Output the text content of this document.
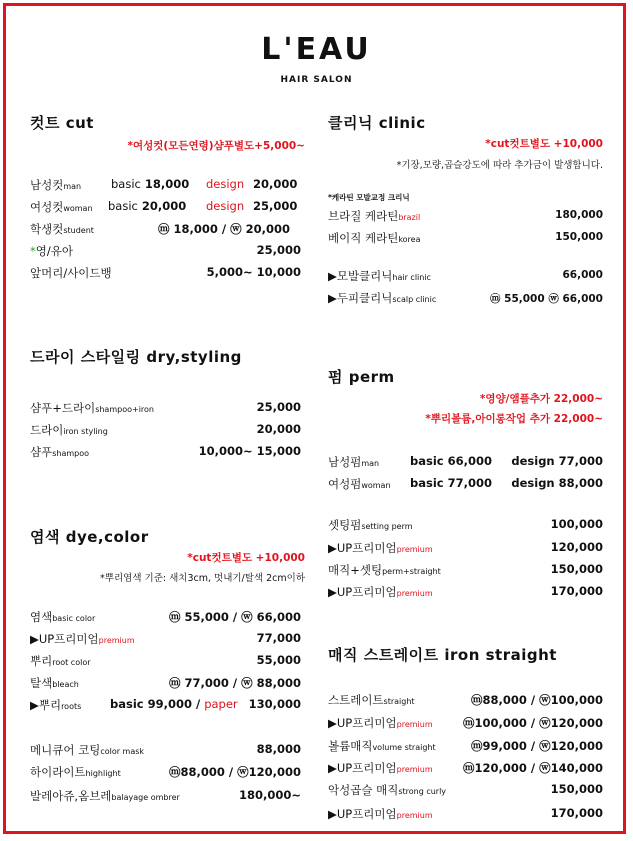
L'EAU
HAIR SALON
컷트 cut
*여성컷(모든연령)샴푸별도+5,000~
남성컷man	basic 18,000 design 20,000
여성컷woman basic 20,000 design 25,000
학생컷student	ⓜ 18,000 / ⓦ 20,000
*영/유아	25,000
앞머리/사이드뱅	5,000~ 10,000
드라이 스타일링 dry,styling
샴푸+드라이shampoo+iron	25,000
드라이iron styling	20,000
샴푸shampoo	10,000~ 15,000
염색 dye,color
*cut컷트별도 +10,000
*뿌리염색 기준: 새치3cm, 멋내기/탈색 2cm이하
염색basic color	ⓜ 55,000 / ⓦ 66,000
▶UP프리미엄premium	77,000
뿌리root color	55,000
탈색bleach	ⓜ 77,000 / ⓦ 88,000
▶뿌리roots basic 99,000 / paper 130,000
메니큐어 코팅color mask	88,000
하이라이트highlight	ⓜ88,000 / ⓦ120,000
발레아쥬,옴브레balayage ombrer	180,000~
클리닉 clinic
*cut컷트별도 +10,000
*기장,모량,곱슬강도에 따라 추가금이 발생합니다.
*케라틴 모발교정 크리닉
브라질 케라틴brazil	180,000
베이직 케라틴korea	150,000
▶모발클리닉hair clinic	66,000
▶두피클리닉scalp clinic	ⓜ 55,000 ⓦ 66,000
펌 perm
*영양/앰플추가 22,000~
*뿌리볼륨,아이롱작업 추가 22,000~
남성펌man	basic 66,000 design 77,000
여성펌woman basic 77,000 design 88,000
셋팅펌setting perm	100,000
▶UP프리미엄premium	120,000
매직+셋팅perm+straight	150,000
▶UP프리미엄premium	170,000
매직 스트레이트 iron straight
스트레이트straight	ⓜ88,000 / ⓦ100,000
▶UP프리미엄premium	ⓜ100,000 / ⓦ120,000
볼륨매직volume straight	ⓜ99,000 / ⓦ120,000
▶UP프리미엄premium	ⓜ120,000 / ⓦ140,000
악성곱슬 매직strong curly	150,000
▶UP프리미엄premium	170,000
